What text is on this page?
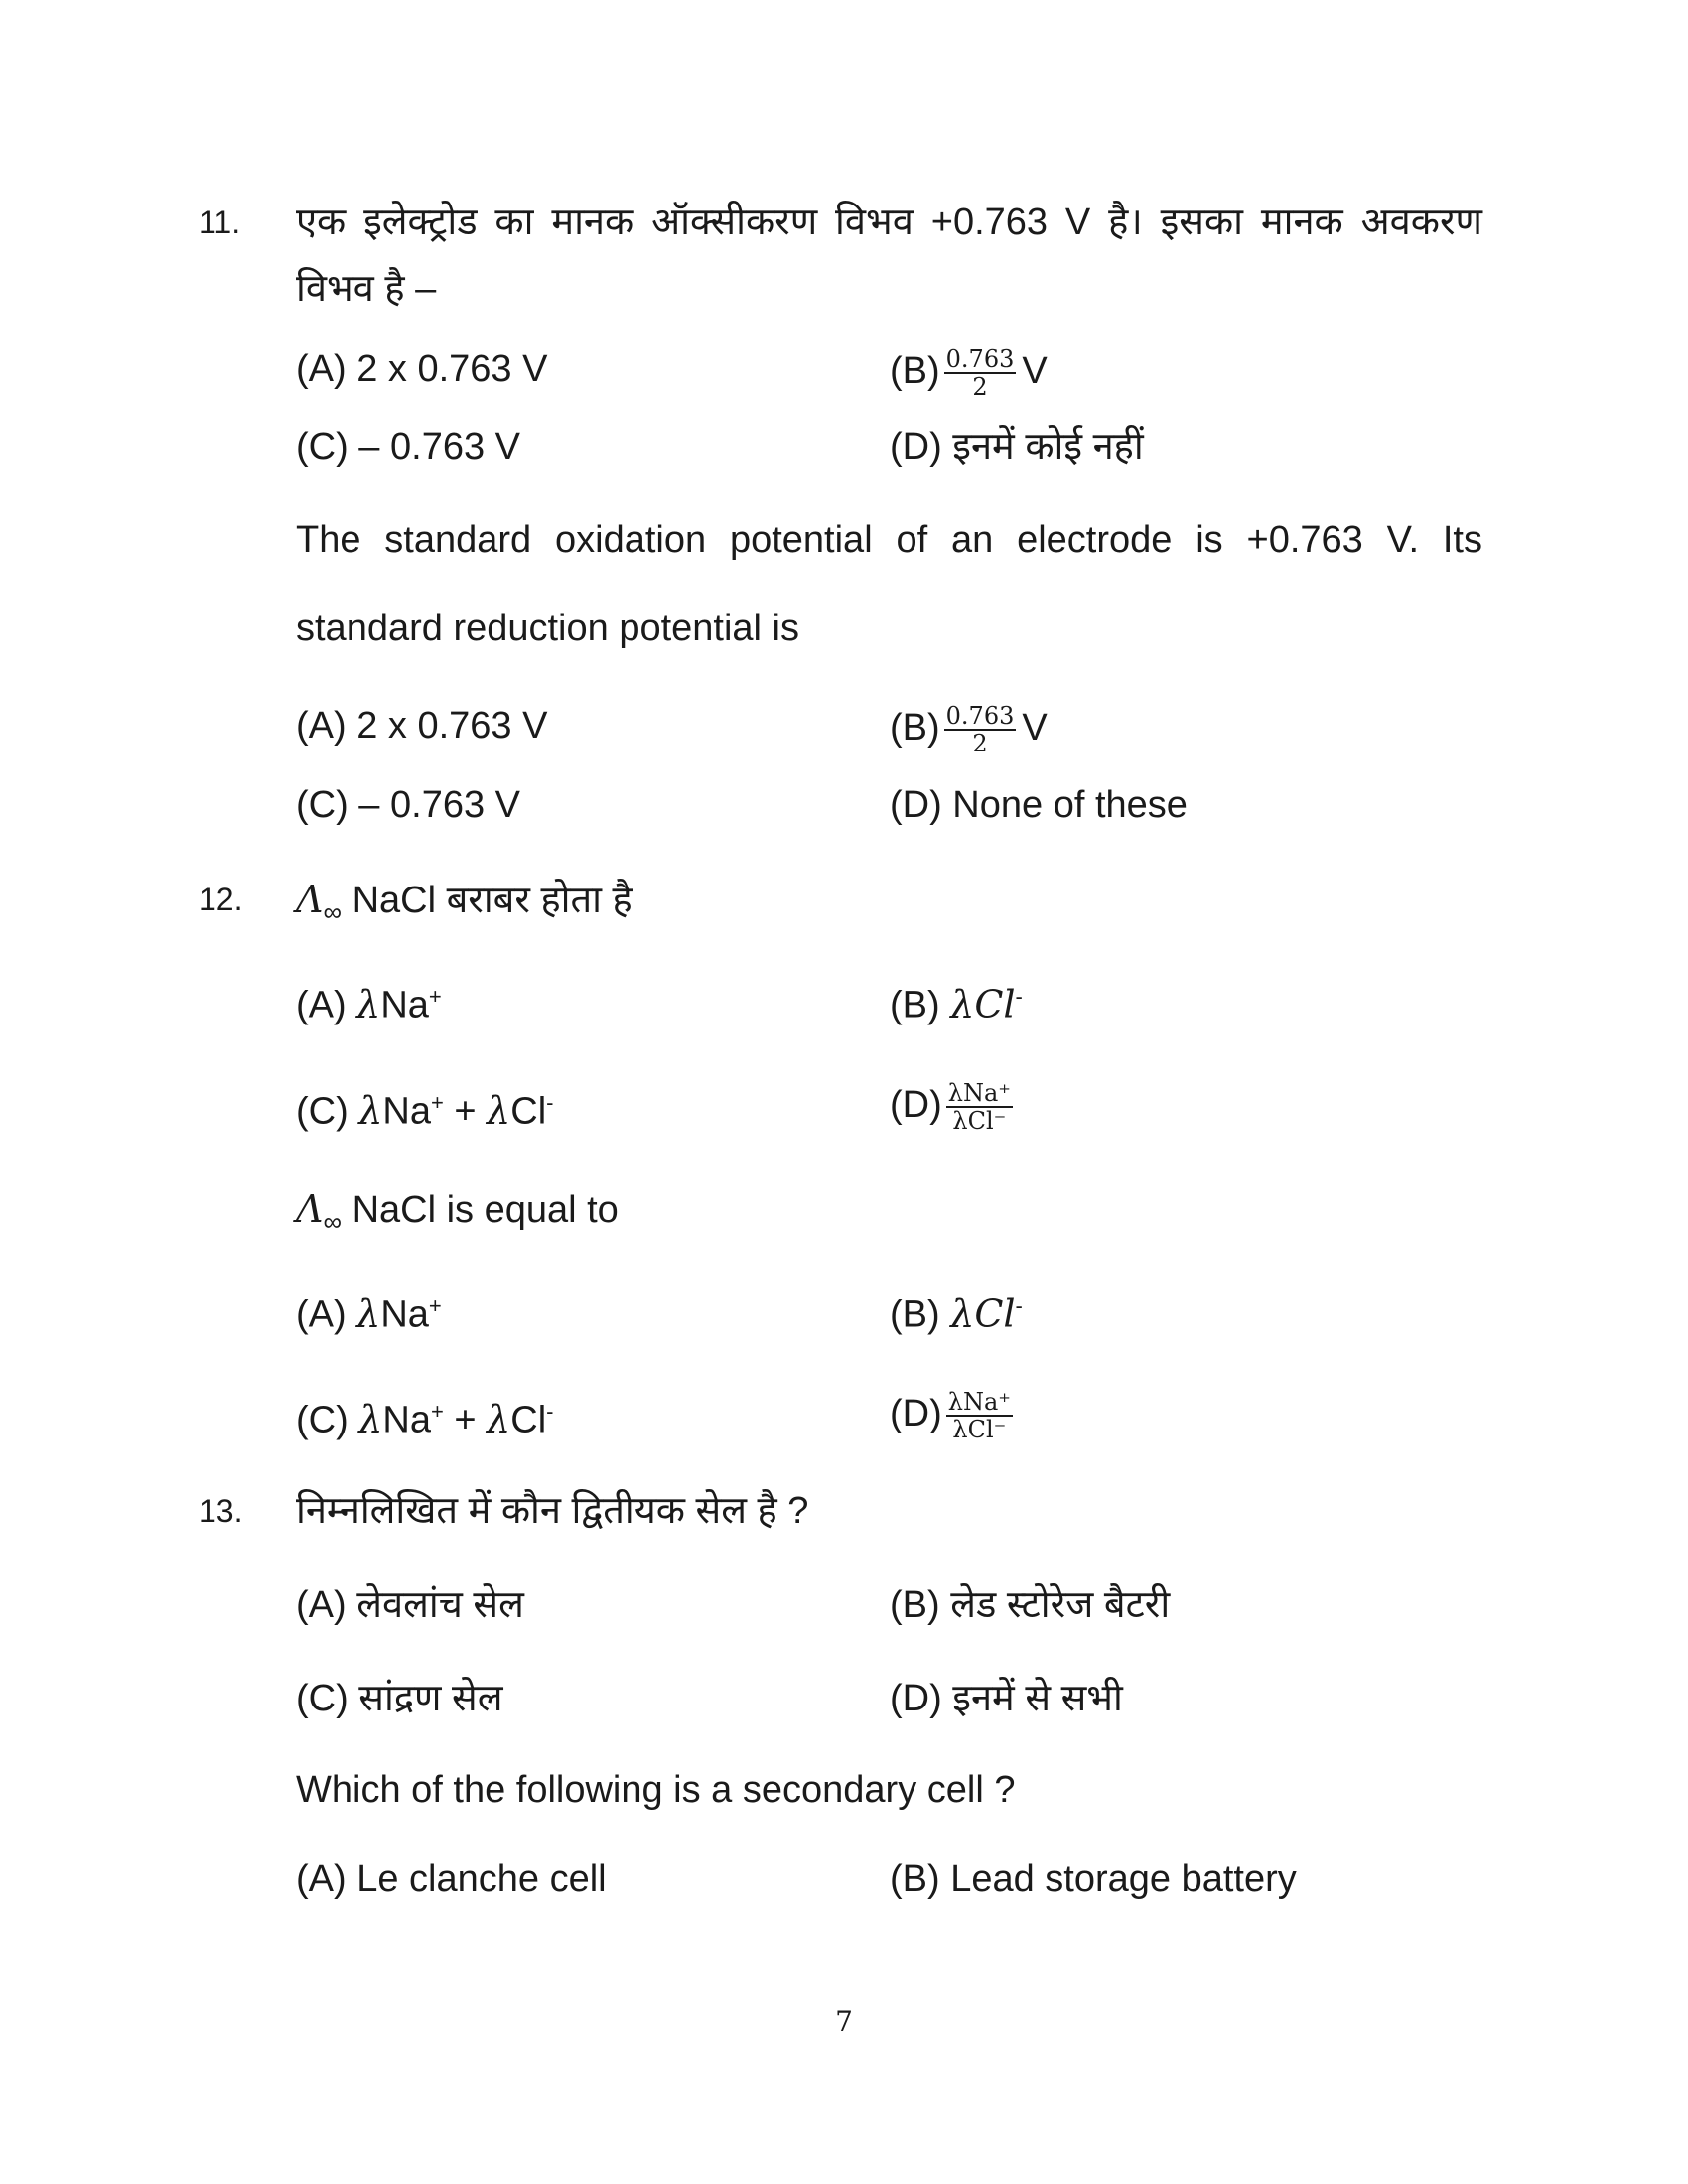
11. एक इलेक्ट्रोड का मानक ऑक्सीकरण विभव +0.763 V है। इसका मानक अवकरण
विभव है –
(A) 2 x 0.763 V	$(B) \frac{0.763}{2}$ V
(C) – 0.763 V	(D) इनमें कोई नहीं
The standard oxidation potential of an electrode is +0.763 V. Its
standard reduction potential is
(A) 2 x 0.763 V	$(B) \frac{0.763}{2}$ V
(C) – 0.763 V	(D) None of these
12. $\Lambda_\infty$ NaCl बराबर होता है
(A) λNa+	(B) λCl-
(C) λNa+ + λCl-	$(D) \frac{\text{λNa⁺}}{\text{λCl⁻}}$
$\Lambda_\infty$ NaCl is equal to
(A) λNa+	(B) λCl-
(C) λNa+ + λCl-	$(D) \frac{\text{λNa⁺}}{\text{λCl⁻}}$
13. निम्नलिखित में कौन द्वितीयक सेल है ?
(A) लेवलांच सेल	(B) लेड स्टोरेज बैटरी
(C) सांद्रण सेल	(D) इनमें से सभी
Which of the following is a secondary cell ?
(A) Le clanche cell	(B) Lead storage battery
7
